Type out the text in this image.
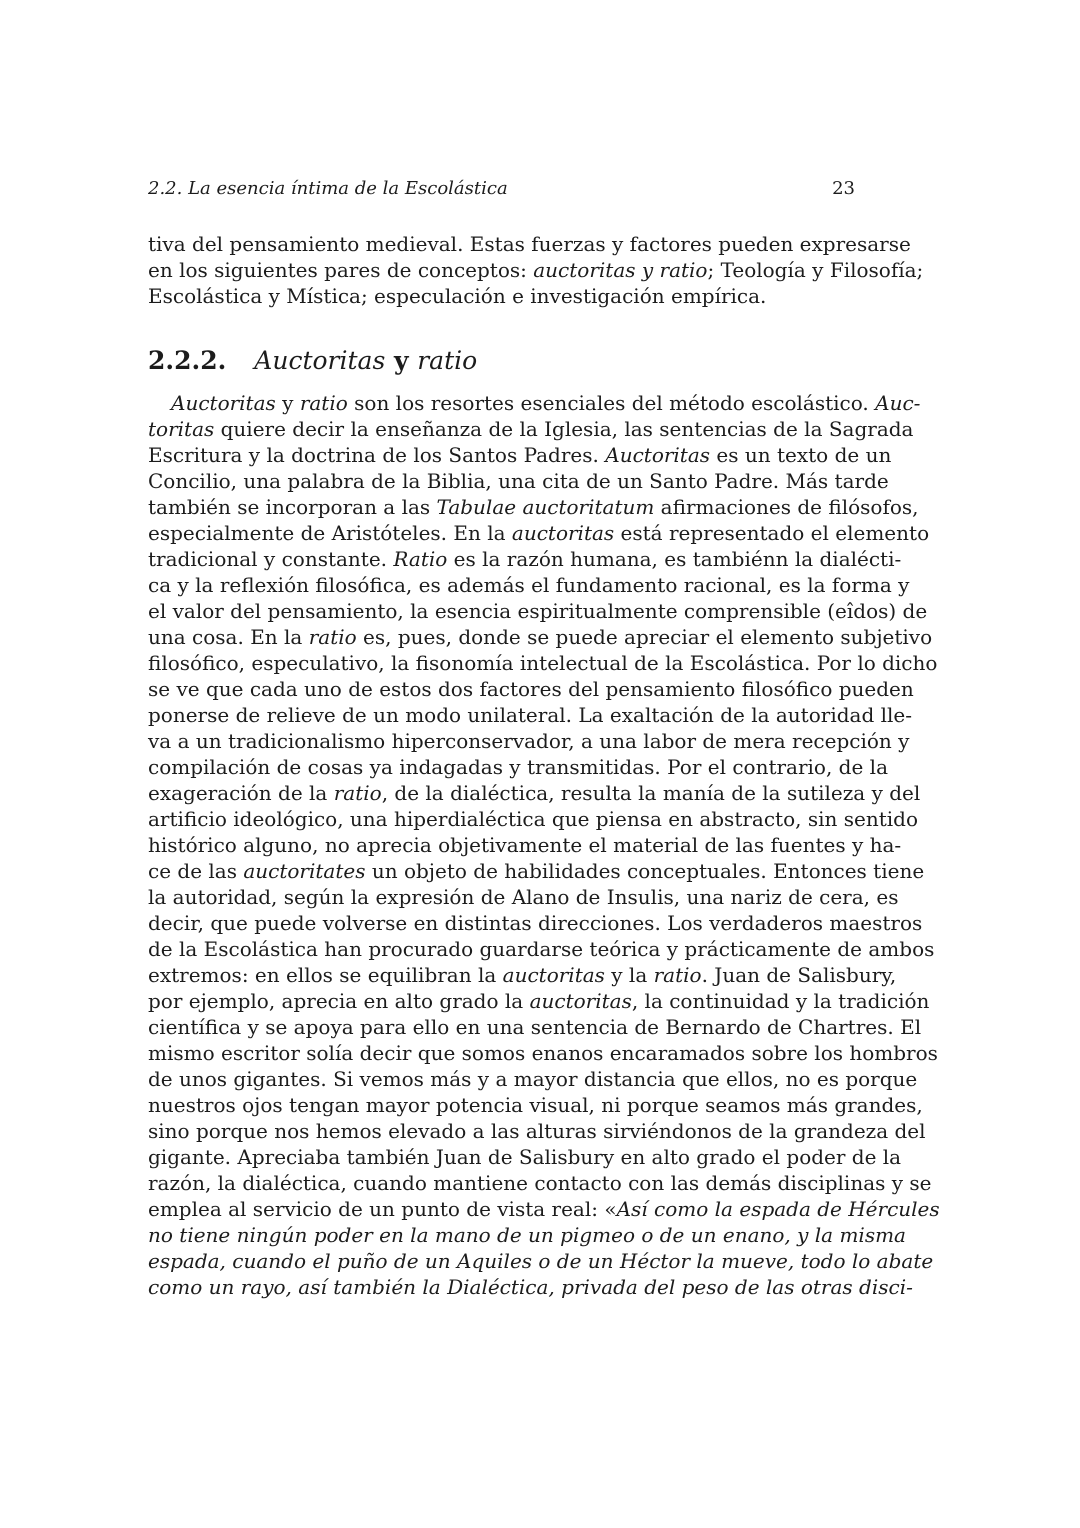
2.2. La esencia íntima de la Escolástica	23
tiva del pensamiento medieval. Estas fuerzas y factores pueden expresarse
en los siguientes pares de conceptos: auctoritas y ratio; Teología y Filosofía;
Escolástica y Mística; especulación e investigación empírica.
2.2.2. Auctoritas y ratio
Auctoritas y ratio son los resortes esenciales del método escolástico. Auc-
toritas quiere decir la enseñanza de la Iglesia, las sentencias de la Sagrada
Escritura y la doctrina de los Santos Padres. Auctoritas es un texto de un
Concilio, una palabra de la Biblia, una cita de un Santo Padre. Más tarde
también se incorporan a las Tabulae auctoritatum afirmaciones de filósofos,
especialmente de Aristóteles. En la auctoritas está representado el elemento
tradicional y constante. Ratio es la razón humana, es tambiénn la dialécti-
ca y la reflexión filosófica, es además el fundamento racional, es la forma y
el valor del pensamiento, la esencia espiritualmente comprensible (eîdos) de
una cosa. En la ratio es, pues, donde se puede apreciar el elemento subjetivo
filosófico, especulativo, la fisonomía intelectual de la Escolástica. Por lo dicho
se ve que cada uno de estos dos factores del pensamiento filosófico pueden
ponerse de relieve de un modo unilateral. La exaltación de la autoridad lle-
va a un tradicionalismo hiperconservador, a una labor de mera recepción y
compilación de cosas ya indagadas y transmitidas. Por el contrario, de la
exageración de la ratio, de la dialéctica, resulta la manía de la sutileza y del
artificio ideológico, una hiperdialéctica que piensa en abstracto, sin sentido
histórico alguno, no aprecia objetivamente el material de las fuentes y ha-
ce de las auctoritates un objeto de habilidades conceptuales. Entonces tiene
la autoridad, según la expresión de Alano de Insulis, una nariz de cera, es
decir, que puede volverse en distintas direcciones. Los verdaderos maestros
de la Escolástica han procurado guardarse teórica y prácticamente de ambos
extremos: en ellos se equilibran la auctoritas y la ratio. Juan de Salisbury,
por ejemplo, aprecia en alto grado la auctoritas, la continuidad y la tradición
científica y se apoya para ello en una sentencia de Bernardo de Chartres. El
mismo escritor solía decir que somos enanos encaramados sobre los hombros
de unos gigantes. Si vemos más y a mayor distancia que ellos, no es porque
nuestros ojos tengan mayor potencia visual, ni porque seamos más grandes,
sino porque nos hemos elevado a las alturas sirviéndonos de la grandeza del
gigante. Apreciaba también Juan de Salisbury en alto grado el poder de la
razón, la dialéctica, cuando mantiene contacto con las demás disciplinas y se
emplea al servicio de un punto de vista real: «Así como la espada de Hércules
no tiene ningún poder en la mano de un pigmeo o de un enano, y la misma
espada, cuando el puño de un Aquiles o de un Héctor la mueve, todo lo abate
como un rayo, así también la Dialéctica, privada del peso de las otras disci-
